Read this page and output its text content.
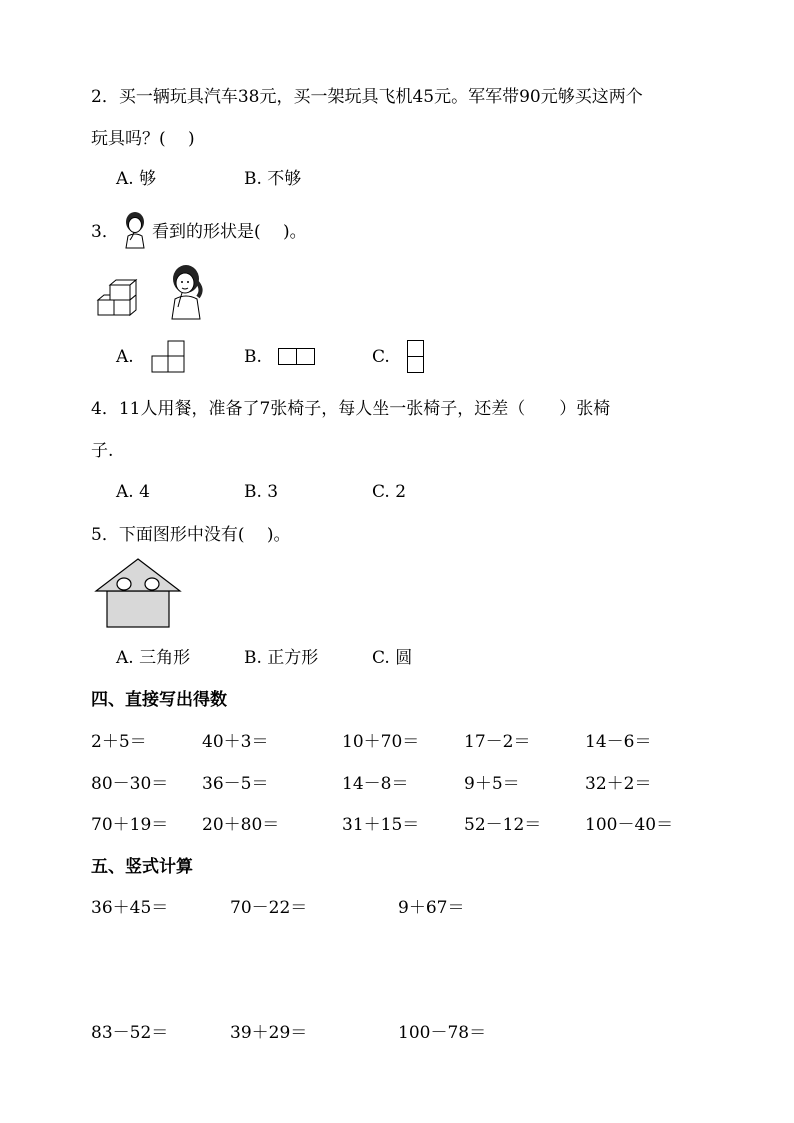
2．买一辆玩具汽车38元，买一架玩具飞机45元。军军带90元够买这两个
玩具吗？(　 )
A. 够	B. 不够
3． 看到的形状是(　 )。
A.	B.	C.
4．11人用餐，准备了7张椅子，每人坐一张椅子，还差（　　）张椅
子.
A. 4	B. 3	C. 2
5．下面图形中没有(　 )。
A. 三角形	B. 正方形	C. 圆
四、直接写出得数
2＋5＝	40＋3＝	10＋70＝	17－2＝	14－6＝
80－30＝ 36－5＝	14－8＝	9＋5＝	32＋2＝
70＋19＝ 20＋80＝	31＋15＝	52－12＝	100－40＝
五、竖式计算
36＋45＝	70－22＝	9＋67＝
83－52＝	39＋29＝	100－78＝
